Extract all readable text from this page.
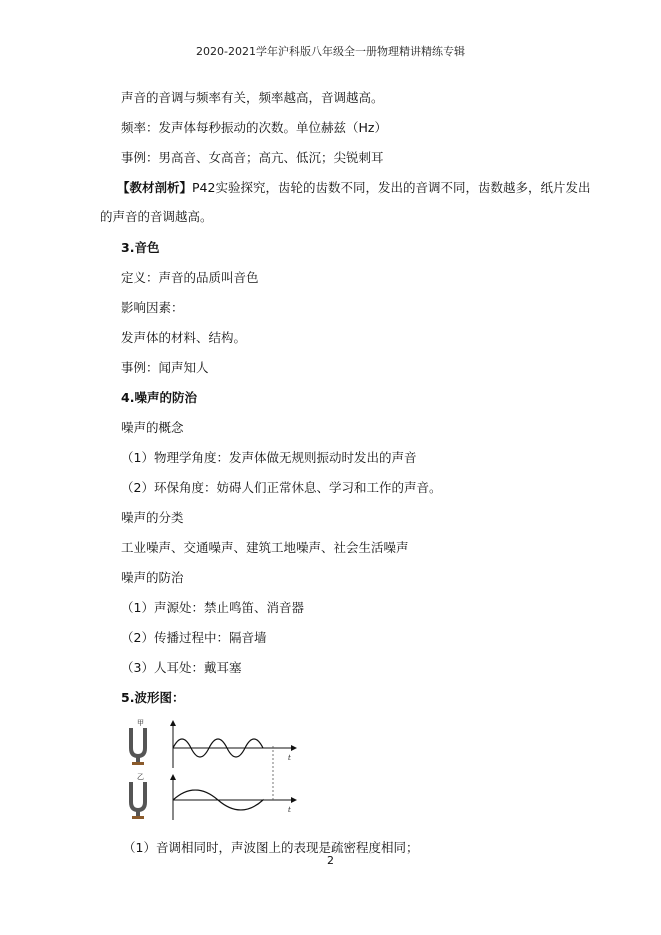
2020-2021学年沪科版八年级全一册物理精讲精练专辑
声音的音调与频率有关，频率越高，音调越高。
频率：发声体每秒振动的次数。单位赫兹（Hz）
事例：男高音、女高音；高亢、低沉；尖锐刺耳
【教材剖析】P42实验探究，齿轮的齿数不同，发出的音调不同，齿数越多，纸片发出
的声音的音调越高。
3.音色
定义：声音的品质叫音色
影响因素：
发声体的材料、结构。
事例：闻声知人
4.噪声的防治
噪声的概念
（1）物理学角度：发声体做无规则振动时发出的声音
（2）环保角度：妨碍人们正常休息、学习和工作的声音。
噪声的分类
工业噪声、交通噪声、建筑工地噪声、社会生活噪声
噪声的防治
（1）声源处：禁止鸣笛、消音器
（2）传播过程中：隔音墙
（3）人耳处：戴耳塞
5.波形图：
甲
乙
t
t
（1）音调相同时，声波图上的表现是疏密程度相同；
2
